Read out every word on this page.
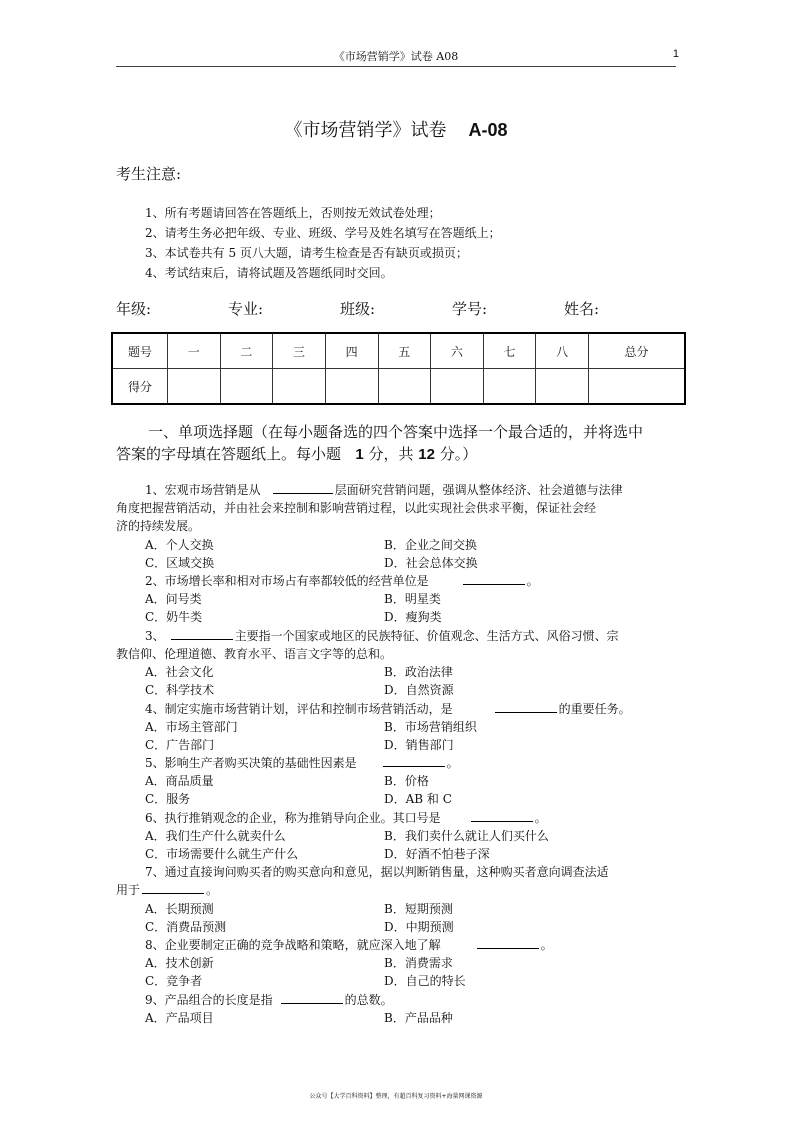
《市场营销学》试卷 A08	1
《市场营销学》试卷 A-08
考生注意:
1、所有考题请回答在答题纸上，否则按无效试卷处理；
2、请考生务必把年级、专业、班级、学号及姓名填写在答题纸上；
3、本试卷共有 5 页八大题，请考生检查是否有缺页或损页；
4、考试结束后，请将试题及答题纸同时交回。
年级:	专业:	班级:	学号:	姓名:
题号	一	二	三	四	五	六	七	八	总分
得分									
一、单项选择题（在每小题备选的四个答案中选择一个最合适的，并将选中
答案的字母填在答题纸上。每小题 1 分，共 12 分。）
1、宏观市场营销是从	层面研究营销问题，强调从整体经济、社会道德与法律
角度把握营销活动，并由社会来控制和影响营销过程，以此实现社会供求平衡，保证社会经
济的持续发展。
A．个人交换	B．企业之间交换
C．区域交换	D．社会总体交换
2、市场增长率和相对市场占有率都较低的经营单位是	。
A．问号类	B．明星类
C．奶牛类	D．瘦狗类
3、	主要指一个国家或地区的民族特征、价值观念、生活方式、风俗习惯、宗
教信仰、伦理道德、教育水平、语言文字等的总和。
A．社会文化	B．政治法律
C．科学技术	D．自然资源
4、制定实施市场营销计划，评估和控制市场营销活动，是	的重要任务。
A．市场主管部门	B．市场营销组织
C．广告部门	D．销售部门
5、影响生产者购买决策的基础性因素是	。
A．商品质量	B．价格
C．服务	D．AB 和 C
6、执行推销观念的企业，称为推销导向企业。其口号是	。
A．我们生产什么就卖什么	B．我们卖什么就让人们买什么
C．市场需要什么就生产什么	D．好酒不怕巷子深
7、通过直接询问购买者的购买意向和意见，据以判断销售量，这种购买者意向调查法适
用于	。
A．长期预测	B．短期预测
C．消费品预测	D．中期预测
8、企业要制定正确的竞争战略和策略，就应深入地了解	。
A．技术创新	B．消费需求
C．竞争者	D．自己的特长
9、产品组合的长度是指	的总数。
A．产品项目	B．产品品种
公众号【大学百科资料】整理，有超百科复习资料+海量网课资源
